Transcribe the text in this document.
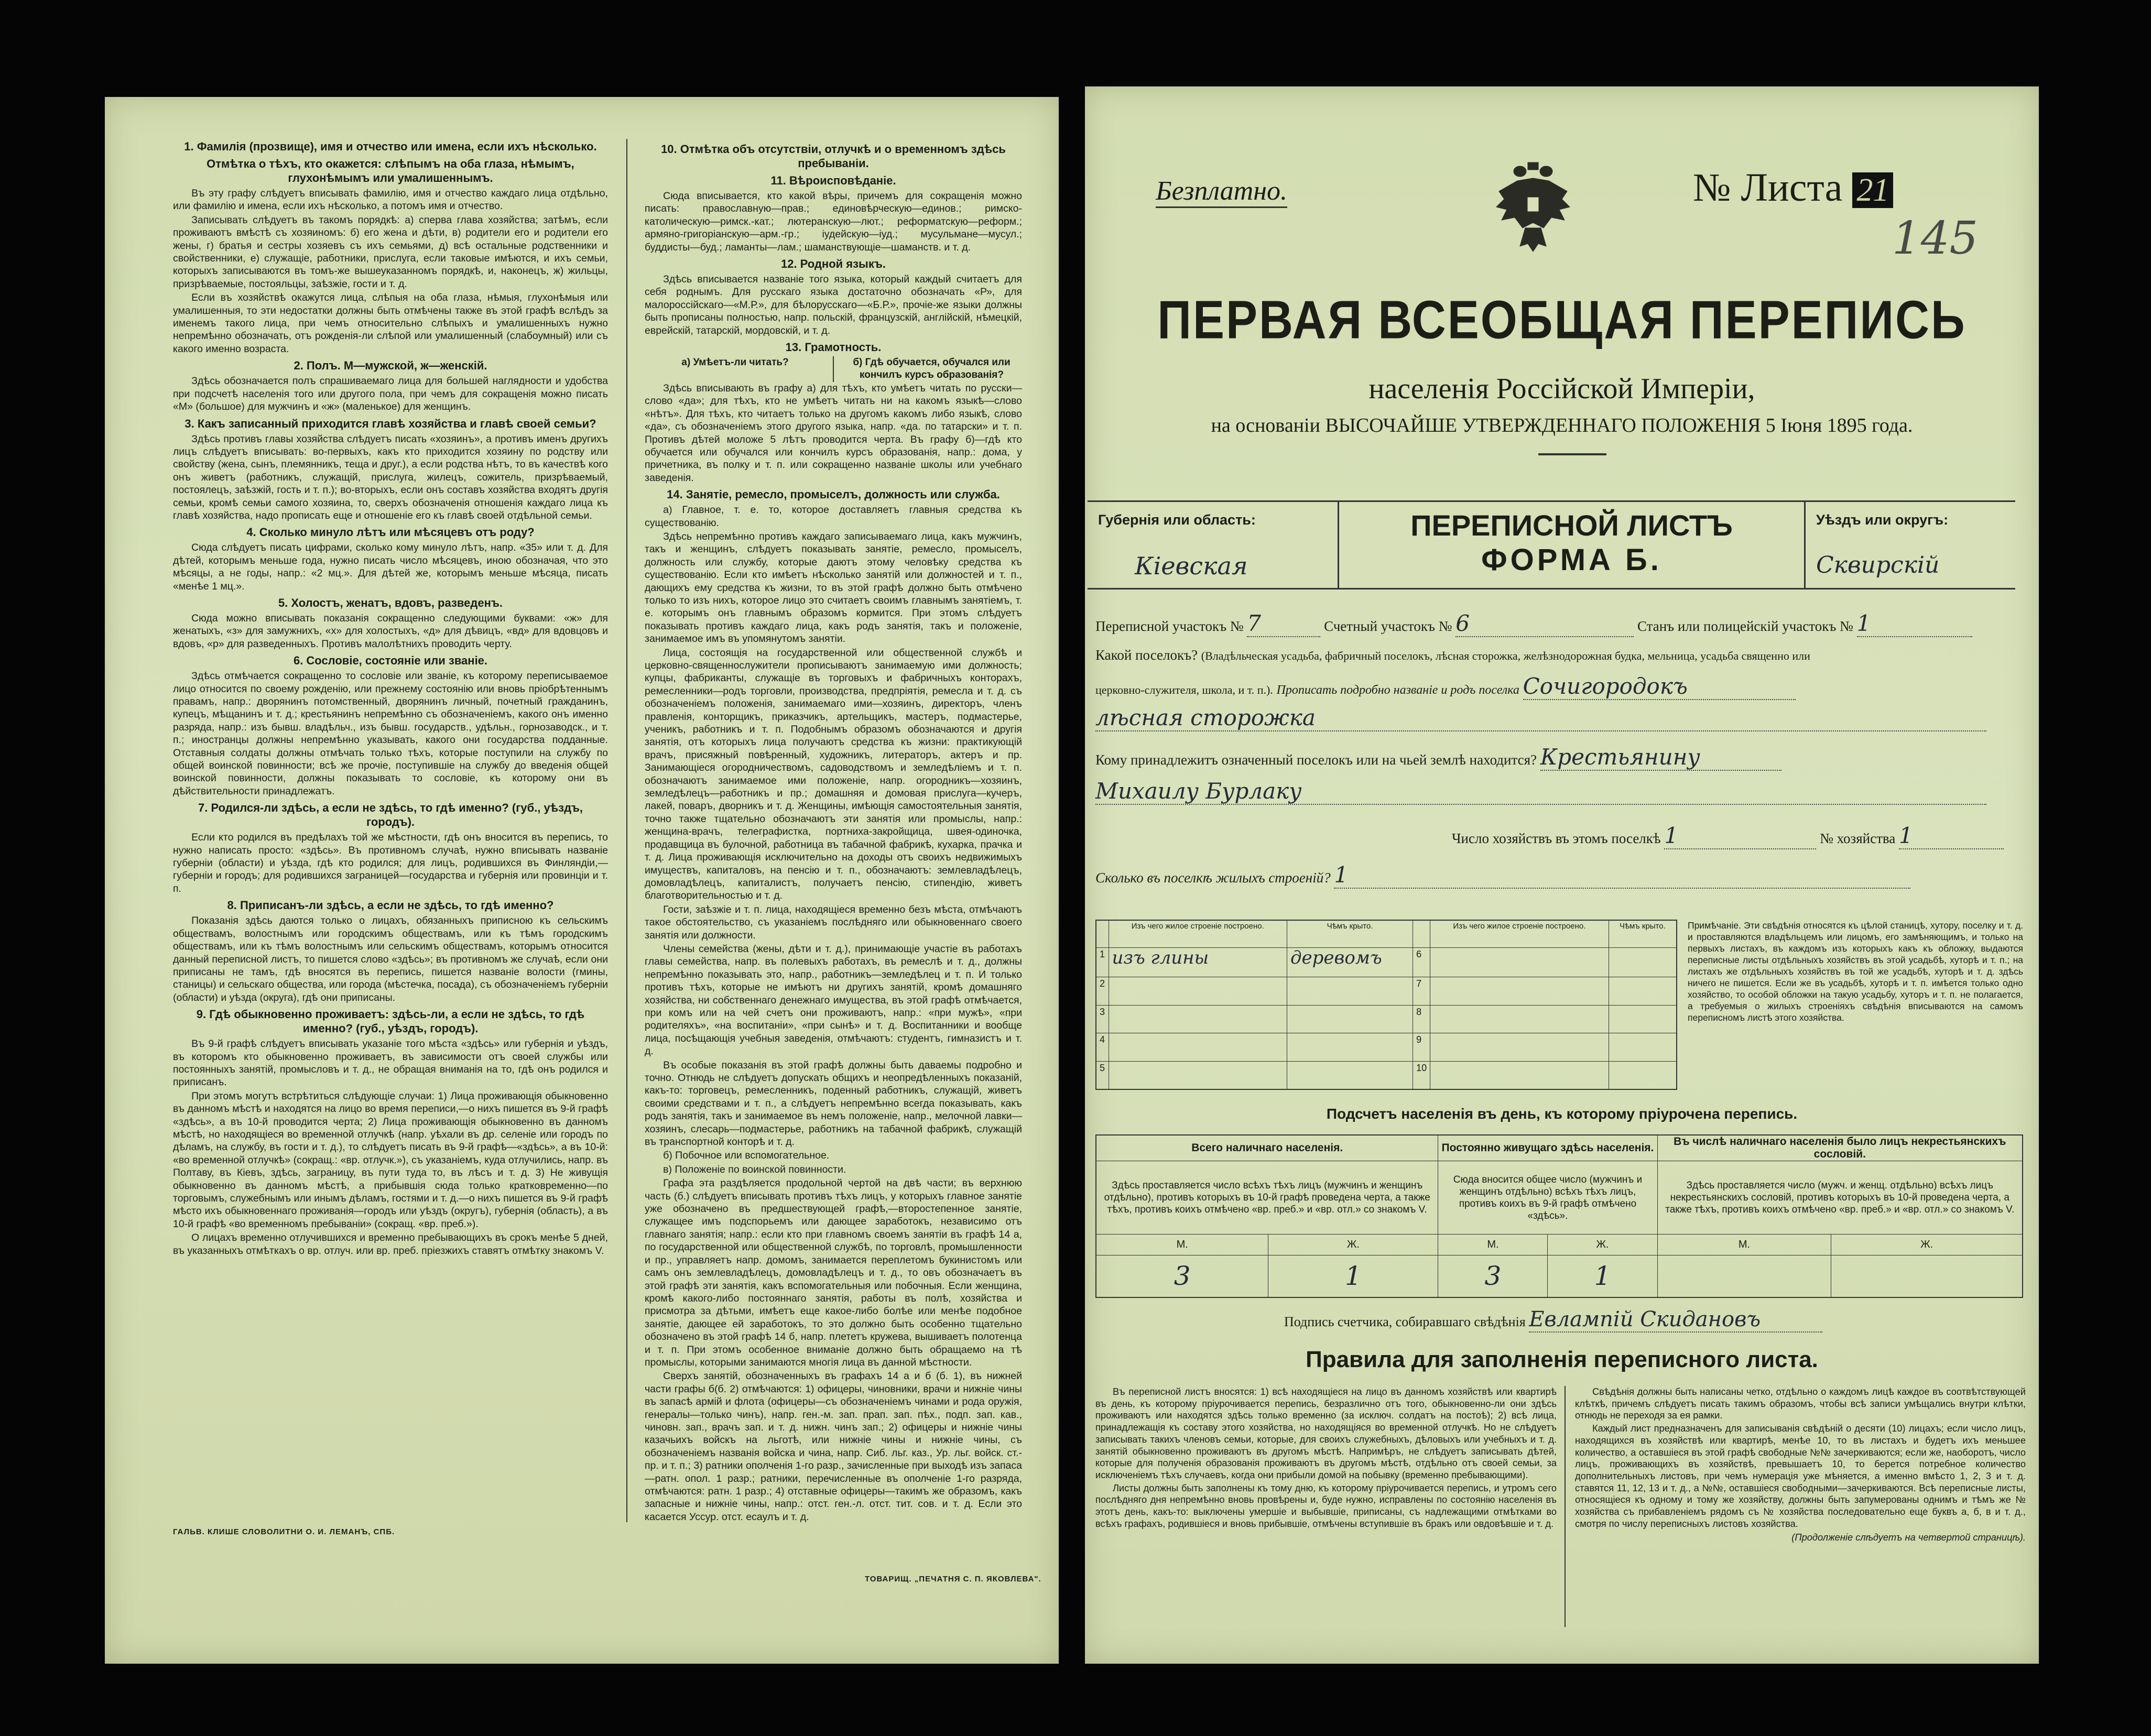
1. Фамилія (прозвище), имя и отчество или имена, если ихъ нѣсколько.
Отмѣтка о тѣхъ, кто окажется: слѣпымъ на оба глаза, нѣмымъ, глухонѣмымъ или умалишеннымъ.

Въ эту графу слѣдуетъ вписывать фамилію, имя и отчество каждаго лица отдѣльно, или фамилію и имена, если ихъ нѣсколько, а потомъ имя и отчество.

Записывать слѣдуетъ въ такомъ порядкѣ: а) сперва глава хозяйства; затѣмъ, если проживаютъ вмѣстѣ съ хозяиномъ: б) его жена и дѣти, в) родители его и родители его жены, г) братья и сестры хозяевъ съ ихъ семьями, д) всѣ остальные родственники и свойственники, е) служащіе, работники, прислуга, если таковые имѣются, и ихъ семьи, которыхъ записываются въ томъ-же вышеуказанномъ порядкѣ, и, наконецъ, ж) жильцы, призрѣваемые, постояльцы, заѣзжіе, гости и т. д.

Если въ хозяйствѣ окажутся лица, слѣпыя на оба глаза, нѣмыя, глухонѣмыя или умалишенныя, то эти недостатки должны быть отмѣчены также въ этой графѣ вслѣдъ за именемъ такого лица, при чемъ относительно слѣпыхъ и умалишенныхъ нужно непремѣнно обозначать, отъ рожденія-ли слѣпой или умалишенный (слабоумный) или съ какого именно возраста.

2. Полъ. М—мужской, ж—женскій.

Здѣсь обозначается полъ спрашиваемаго лица для большей наглядности и удобства при подсчетѣ населенія того или другого пола, при чемъ для сокращенія можно писать «М» (большое) для мужчинъ и «ж» (маленькое) для женщинъ.

3. Какъ записанный приходится главѣ хозяйства и главѣ своей семьи?

Здѣсь противъ главы хозяйства слѣдуетъ писать «хозяинъ», а противъ именъ другихъ лицъ слѣдуетъ вписывать: во-первыхъ, какъ кто приходится хозяину по родству или свойству (жена, сынъ, племянникъ, теща и друг.), а если родства нѣтъ, то въ качествѣ кого онъ живетъ (работникъ, служащій, прислуга, жилецъ, сожитель, призрѣваемый, постоялецъ, заѣзжій, гость и т. п.); во-вторыхъ, если онъ составъ хозяйства входятъ другія семьи, кромѣ семьи самого хозяина, то, сверхъ обозначенія отношенія каждаго лица къ главѣ хозяйства, надо прописать еще и отношеніе его къ главѣ своей отдѣльной семьи.

4. Сколько минуло лѣтъ или мѣсяцевъ отъ роду?

Сюда слѣдуетъ писать цифрами, сколько кому минуло лѣтъ, напр. «35» или т. д. Для дѣтей, которымъ меньше года, нужно писать число мѣсяцевъ, иною обозначая, что это мѣсяцы, а не годы, напр.: «2 мц.». Для дѣтей же, которымъ меньше мѣсяца, писать «менѣе 1 мц.».

5. Холостъ, женатъ, вдовъ, разведенъ.

Сюда можно вписывать показанія сокращенно следующими буквами: «ж» для женатыхъ, «з» для замужнихъ, «х» для холостыхъ, «д» для дѣвицъ, «вд» для вдовцовъ и вдовъ, «р» для разведенныхъ. Противъ малолѣтнихъ проводить черту.

6. Сословіе, состояніе или званіе.

Здѣсь отмѣчается сокращенно то сословіе или званіе, къ которому переписываемое лицо относится по своему рожденію, или прежнему состоянію или вновь пріобрѣтеннымъ правамъ, напр.: дворянинъ потомственный, дворянинъ личный, почетный гражданинъ, купецъ, мѣщанинъ и т. д.; крестьянинъ непремѣнно съ обозначеніемъ, какого онъ именно разряда, напр.: изъ бывш. владѣльч., изъ бывш. государств., удѣльн., горнозаводск., и т. п.; иностранцы должны непремѣнно указывать, какого они государства подданные. Отставныя солдаты должны отмѣчать только тѣхъ, которые поступили на службу по общей воинской повинности; всѣ же прочіе, поступившіе на службу до введенія общей воинской повинности, должны показывать то сословіе, къ которому они въ дѣйствительности принадлежатъ.

7. Родился-ли здѣсь, а если не здѣсь, то гдѣ именно? (губ., уѣздъ, городъ).

Если кто родился въ предѣлахъ той же мѣстности, гдѣ онъ вносится въ перепись, то нужно написать просто: «здѣсь». Въ противномъ случаѣ, нужно вписывать названіе губерніи (области) и уѣзда, гдѣ кто родился; для лицъ, родившихся въ Финляндіи,—губерніи и городъ; для родившихся заграницей—государства и губернія или провинціи и т. п.

8. Приписанъ-ли здѣсь, а если не здѣсь, то гдѣ именно?

Показанія здѣсь даются только о лицахъ, обязанныхъ приписною къ сельскимъ обществамъ, волостнымъ или городскимъ обществамъ, или къ тѣмъ городскимъ обществамъ, или къ тѣмъ волостнымъ или сельскимъ обществамъ, которымъ относится данный переписной листъ, то пишется слово «здѣсь»; въ противномъ же случаѣ, если они приписаны не тамъ, гдѣ вносятся въ перепись, пишется названіе волости (гмины, станицы) и сельскаго общества, или города (мѣстечка, посада), съ обозначеніемъ губерніи (области) и уѣзда (округа), гдѣ они приписаны.

9. Гдѣ обыкновенно проживаетъ: здѣсь-ли, а если не здѣсь, то гдѣ именно? (губ., уѣздъ, городъ).

Въ 9-й графѣ слѣдуетъ вписывать указаніе того мѣста «здѣсь» или губернія и уѣздъ, въ которомъ кто обыкновенно проживаетъ, въ зависимости отъ своей службы или постоянныхъ занятій, промысловъ и т. д., не обращая вниманія на то, гдѣ онъ родился и приписанъ.

При этомъ могутъ встрѣтиться слѣдующіе случаи: 1) Лица проживающія обыкновенно въ данномъ мѣстѣ и находятся на лицо во время переписи,—о нихъ пишется въ 9-й графѣ «здѣсь», а въ 10-й проводится черта; 2) Лица проживающія обыкновенно въ данномъ мѣстѣ, но находящіеся во временной отлучкѣ (напр. уѣхали въ др. селеніе или городъ по дѣламъ, на службу, въ гости и т. д.), то слѣдуетъ писать въ 9-й графѣ—«здѣсь», а въ 10-й: «во временной отлучкѣ» (сокращ.: «вр. отлучк.»), съ указаніемъ, куда отлучились, напр. въ Полтаву, въ Кіевъ, здѣсь, заграницу, въ пути туда то, въ лѣсъ и т. д. 3) Не живущія обыкновенно въ данномъ мѣстѣ, а прибывшія сюда только кратковременно—по торговымъ, служебнымъ или инымъ дѣламъ, гостями и т. д.—о нихъ пишется въ 9-й графѣ мѣсто ихъ обыкновеннаго проживанія—городъ или уѣздъ (округъ), губернія (область), а въ 10-й графѣ «во временномъ пребываніи» (сокращ. «вр. преб.»).

О лицахъ временно отлучившихся и временно пребывающихъ въ срокъ менѣе 5 дней, въ указанныхъ отмѣткахъ о вр. отлуч. или вр. преб. пріезжихъ ставятъ отмѣтку знакомъ V.

10. Отмѣтка объ отсутствіи, отлучкѣ и о временномъ здѣсь пребываніи.
11. Вѣроисповѣданіе.

Сюда вписывается, кто какой вѣры, причемъ для сокращенія можно писать: православную—прав.; единовѣрческую—единов.; римско-католическую—римск.-кат.; лютеранскую—лют.; реформатскую—реформ.; армяно-григоріанскую—арм.-гр.; іудейскую—іуд.; мусульмане—мусул.; буддисты—буд.; ламанты—лам.; шаманствующіе—шаманств. и т. д.

12. Родной языкъ.

Здѣсь вписывается названіе того языка, который каждый считаетъ для себя роднымъ. Для русскаго языка достаточно обозначать «Р», для малороссійскаго—«М.Р.», для бѣлорусскаго—«Б.Р.», прочіе-же языки должны быть прописаны полностью, напр. польскій, французскій, англійскій, нѣмецкій, еврейскій, татарскій, мордовскій, и т. д.

13. Грамотность.
а) Умѣетъ-ли читать?	б) Гдѣ обучается, обучался или кончилъ курсъ образованія?

Здѣсь вписывають въ графу а) для тѣхъ, кто умѣетъ читать по русски—слово «да»; для тѣхъ, кто не умѣетъ читать ни на какомъ языкѣ—слово «нѣтъ». Для тѣхъ, кто читаетъ только на другомъ какомъ либо языкѣ, слово «да», съ обозначеніемъ этого другого языка, напр. «да. по татарски» и т. п. Противъ дѣтей моложе 5 лѣтъ проводится черта. Въ графу б)—гдѣ кто обучается или обучался или кончилъ курсъ образованія, напр.: дома, у причетника, въ полку и т. п. или сокращенно названіе школы или учебнаго заведенія.

14. Занятіе, ремесло, промыселъ, должность или служба.

а) Главное, т. е. то, которое доставляетъ главныя средства къ существованію.

Здѣсь непремѣнно противъ каждаго записываемаго лица, какъ мужчинъ, такъ и женщинъ, слѣдуетъ показывать занятіе, ремесло, промыселъ, должность или службу, которые даютъ этому человѣку средства къ существованію. Если кто имѣетъ нѣсколько занятій или должностей и т. п., дающихъ ему средства къ жизни, то въ этой графѣ должно быть отмѣчено только то изъ нихъ, которое лицо это считаетъ своимъ главнымъ занятіемъ, т. е. которымъ онъ главнымъ образомъ кормится. При этомъ слѣдуетъ показывать противъ каждаго лица, какъ родъ занятія, такъ и положеніе, занимаемое имъ въ упомянутомъ занятіи.

Лица, состоящія на государственной или общественной службѣ и церковно-священнослужители прописываютъ занимаемую ими должность; купцы, фабриканты, служащіе въ торговыхъ и фабричныхъ конторахъ, ремесленники—родъ торговли, производства, предпріятія, ремесла и т. д. съ обозначеніемъ положенія, занимаемаго ими—хозяинъ, директоръ, членъ правленія, конторщикъ, приказчикъ, артельщикъ, мастеръ, подмастерье, ученикъ, работникъ и т. п. Подобнымъ образомъ обозначаются и другія занятія, отъ которыхъ лица получаютъ средства къ жизни: практикующій врачъ, присяжный повѣренный, художникъ, литераторъ, актеръ и пр. Занимающіеся огородничествомъ, садоводствомъ и земледѣліемъ и т. п. обозначаютъ занимаемое ими положеніе, напр. огородникъ—хозяинъ, земледѣлецъ—работникъ и пр.; домашняя и домовая прислуга—кучеръ, лакей, поваръ, дворникъ и т. д. Женщины, имѣющія самостоятельныя занятія, точно также тщательно обозначаютъ эти занятія или промыслы, напр.: женщина-врачъ, телеграфистка, портниха-закройщица, швея-одиночка, продавщица въ булочной, работница въ табачной фабрикѣ, кухарка, прачка и т. д. Лица проживающія исключительно на доходы отъ своихъ недвижимыхъ имуществъ, капиталовъ, на пенсію и т. п., обозначаютъ: землевладѣлецъ, домовладѣлецъ, капиталистъ, получаетъ пенсію, стипендію, живетъ благотворительностью и т. д.

Гости, заѣзжіе и т. п. лица, находящіеся временно безъ мѣста, отмѣчаютъ такое обстоятельство, съ указаніемъ послѣдняго или обыкновеннаго своего занятія или должности.

Члены семейства (жены, дѣти и т. д.), принимающіе участіе въ работахъ главы семейства, напр. въ полевыхъ работахъ, въ ремеслѣ и т. д., должны непремѣнно показывать это, напр., работникъ—земледѣлец и т. п. И только противъ тѣхъ, которые не имѣютъ ни другихъ занятій, кромѣ домашняго хозяйства, ни собственнаго денежнаго имущества, въ этой графѣ отмѣчается, при комъ или на чей счетъ они проживаютъ, напр.: «при мужѣ», «при родителяхъ», «на воспитаніи», «при сынѣ» и т. д. Воспитанники и вообще лица, посѣщающія учебныя заведенія, отмѣчаютъ: студентъ, гимназистъ и т. д.

Въ особые показанія въ этой графѣ должны быть даваемы подробно и точно. Отнюдь не слѣдуетъ допускать общихъ и неопредѣленныхъ показаній, какъ-то: торговецъ, ремесленникъ, поденный работникъ, служащій, живетъ своими средствами и т. п., а слѣдуетъ непремѣнно всегда показывать, какъ родъ занятія, такъ и занимаемое въ немъ положеніе, напр., мелочной лавки—хозяинъ, слесарь—подмастерье, работникъ на табачной фабрикѣ, служащій въ транспортной конторѣ и т. д.

б) Побочное или вспомогательное.

в) Положеніе по воинской повинности.

Графа эта раздѣляется продольной чертой на двѣ части; въ верхнюю часть (б.) слѣдуетъ вписывать противъ тѣхъ лицъ, у которыхъ главное занятіе уже обозначено въ предшествующей графѣ,—второстепенное занятіе, служащее имъ подспорьемъ или дающее заработокъ, независимо отъ главнаго занятія; напр.: если кто при главномъ своемъ занятіи въ графѣ 14 а, по государственной или общественной службѣ, по торговлѣ, промышленности и пр., управляетъ напр. домомъ, занимается переплетомъ букинистомъ или самъ онъ землевладѣлецъ, домовладѣлецъ и т. д., то овъ обозначаетъ въ этой графѣ эти занятія, какъ вспомогательныя или побочныя. Если женщина, кромѣ какого-либо постояннаго занятія, работы въ полѣ, хозяйства и присмотра за дѣтьми, имѣетъ еще какое-либо болѣе или менѣе подобное занятіе, дающее ей заработокъ, то это должно быть особенно тщательно обозначено въ этой графѣ 14 б, напр. плететъ кружева, вышиваетъ полотенца и т. п. При этомъ особенное вниманіе должно быть обращаемо на тѣ промыслы, которыми занимаются многія лица въ данной мѣстности.

Сверхъ занятій, обозначенныхъ въ графахъ 14 а и б (б. 1), въ нижней части графы б(б. 2) отмѣчаются: 1) офицеры, чиновники, врачи и нижніе чины въ запасѣ армій и флота (офицеры—съ обозначеніемъ чинами и рода оружія, генералы—только чинъ), напр. ген.-м. зап. прап. зап. пѣх., подп. зап. кав., чиновн. зап., врачъ зап. и т. д. нижн. чинъ зап.; 2) офицеры и нижніе чины казачьихъ войскъ на льготѣ, или нижніе чины и нижніе чины, съ обозначеніемъ названія войска и чина, напр. Сиб. льг. каз., Ур. льг. войск. ст.-пр. и т. п.; 3) ратники ополченія 1-го разр., зачисленные при выходѣ изъ запаса—ратн. опол. 1 разр.; ратники, перечисленные въ ополченіе 1-го разряда, отмѣчаются: ратн. 1 разр.; 4) отставные офицеры—такимъ же образомъ, какъ запасные и нижніе чины, напр.: отст. ген.-л. отст. тит. сов. и т. д. Если это касается Уссур. отст. есаулъ и т. д.

ГАЛЬВ. КЛИШЕ СЛОВОЛИТНИ О. И. ЛЕМАНЪ, СПБ.
ТОВАРИЩ. „ПЕЧАТНЯ С. П. ЯКОВЛЕВА".
Безплатно.	№ Листа 21
145
ПЕРВАЯ ВСЕОБЩАЯ ПЕРЕПИСЬ
населенія Россійской Имперіи,
на основаніи ВЫСОЧАЙШЕ УТВЕРЖДЕННАГО ПОЛОЖЕНІЯ 5 Іюня 1895 года.
Губернія или область:
Кіевская
ПЕРЕПИСНОЙ ЛИСТЪ
ФОРМА Б.
Уѣздъ или округъ:
Сквирскій
Переписной участокъ № 7	Счетный участокъ № 6	Станъ или полицейскій участокъ № 1
Какой поселокъ? (Владѣльческая усадьба, фабричный поселокъ, лѣсная сторожка, желѣзнодорожная будка, мельница, усадьба священно или
церковно-служителя, школа, и т. п.). Прописать подробно названіе и родъ поселка Сочигородокъ
лѣсная сторожка
Кому принадлежитъ означенный поселокъ или на чьей землѣ находится? Крестьянину
Михаилу Бурлаку
Число хозяйствъ въ этомъ поселкѣ 1	№ хозяйства 1
Сколько въ поселкѣ жилыхъ строеній? 1
	Изъ чего жилое строеніе построено.	Чѣмъ крыто.		Изъ чего жилое строеніе построено.	Чѣмъ крыто.
1	изъ глины	деревомъ	6		
2			7		
3			8		
4			9		
5			10		
Примѣчаніе. Эти свѣдѣнія относятся къ цѣлой станицѣ, хутору, поселку и т. д. и проставляются владѣльцемъ или лицомъ, его замѣняющимъ, и только на первыхъ листахъ, въ каждомъ изъ которыхъ какъ къ обложку, выдаются переписные листы отдѣльныхъ хозяйствъ въ этой усадьбѣ, хуторѣ и т. п.; на листахъ же отдѣльныхъ хозяйствъ въ той же усадьбѣ, хуторѣ и т. д. здѣсь ничего не пишется. Если же въ усадьбѣ, хуторѣ и т. п. имѣется только одно хозяйство, то особой обложки на такую усадьбу, хуторъ и т. п. не полагается, а требуемыя о жилыхъ строеніяхъ свѣдѣнія вписываются на самомъ переписномъ листѣ этого хозяйства.
Подсчетъ населенія въ день, къ которому пріурочена перепись.
Всего наличнаго населенія.		Постоянно живущаго здѣсь населенія.		Въ числѣ наличнаго населенія было лицъ некрестьянскихъ сословій.	
Здѣсь проставляется число всѣхъ тѣхъ лицъ (мужчинъ и женщинъ отдѣльно), противъ которыхъ въ 10-й графѣ проведена черта, а также тѣхъ, противъ коихъ отмѣчено «вр. преб.» и «вр. отл.» со знакомъ V.		Сюда вносится общее число (мужчинъ и женщинъ отдѣльно) всѣхъ тѣхъ лицъ, противъ коихъ въ 9-й графѣ отмѣчено «здѣсь».		Здѣсь проставляется число (мужч. и женщ. отдѣльно) всѣхъ лицъ некрестьянскихъ сословій, противъ которыхъ въ 10-й проведена черта, а также тѣхъ, противъ коихъ отмѣчено «вр. преб.» и «вр. отл.» со знакомъ V.	
М.	Ж.	М.	Ж.	М.	Ж.
3	1	3	1		
Подпись счетчика, собиравшаго свѣдѣнія Евлампій Скидановъ
Правила для заполненія переписного листа.

Въ переписной листъ вносятся: 1) всѣ находящіеся на лицо въ данномъ хозяйствѣ или квартирѣ въ день, къ которому пріурочивается перепись, безразлично отъ того, обыкновенно-ли они здѣсь проживаютъ или находятся здѣсь только временно (за исключ. солдатъ на постоѣ); 2) всѣ лица, принадлежащія къ составу этого хозяйства, но находящіяся во временной отлучкѣ. Но не слѣдуетъ записывать такихъ членовъ семьи, которые, для своихъ служебныхъ, дѣловыхъ или учебныхъ и т. д. занятій обыкновенно проживаютъ въ другомъ мѣстѣ. Напримѣръ, не слѣдуетъ записывать дѣтей, которые для полученія образованія проживаютъ въ другомъ мѣстѣ, отдѣльно отъ своей семьи, за исключеніемъ тѣхъ случаевъ, когда они прибыли домой на побывку (временно пребывающими).

Листы должны быть заполнены къ тому дню, къ которому пріурочивается перепись, и утромъ сего послѣдняго дня непремѣнно вновь провѣрены и, буде нужно, исправлены по состоянію населенія въ этотъ день, какъ-то: выключены умершіе и выбывшіе, приписаны, съ надлежащими отмѣтками во всѣхъ графахъ, родившіеся и вновь прибывшіе, отмѣчены вступившіе въ бракъ или овдовѣвшіе и т. д.

Свѣдѣнія должны быть написаны четко, отдѣльно о каждомъ лицѣ каждое въ соотвѣтствующей клѣткѣ, причемъ слѣдуетъ писать такимъ образомъ, чтобы всѣ записи умѣщались внутри клѣтки, отнюдь не переходя за ея рамки.

Каждый лист предназначенъ для записыванія свѣдѣній о десяти (10) лицахъ; если число лицъ, находящихся въ хозяйствѣ или квартирѣ, менѣе 10, то въ листахъ и будетъ ихъ меньшее количество, а оставшіеся въ этой графѣ свободные №№ зачеркиваются; если же, наоборотъ, число лицъ, проживающихъ въ хозяйствѣ, превышаетъ 10, то берется потребное количество дополнительныхъ листовъ, при чемъ нумерація уже мѣняется, а именно вмѣсто 1, 2, 3 и т. д. ставятся 11, 12, 13 и т. д., а №№, оставшіеся свободными—зачеркиваются. Всѣ переписные листы, относящіеся къ одному и тому же хозяйству, должны быть запумерованы однимъ и тѣмъ же № хозяйства съ прибавленіемъ рядомъ съ № хозяйства последовательно еще буквъ а, б, в и т. д., смотря по числу переписныхъ листовъ хозяйства.

(Продолженіе слѣдуетъ на четвертой страницѣ).
